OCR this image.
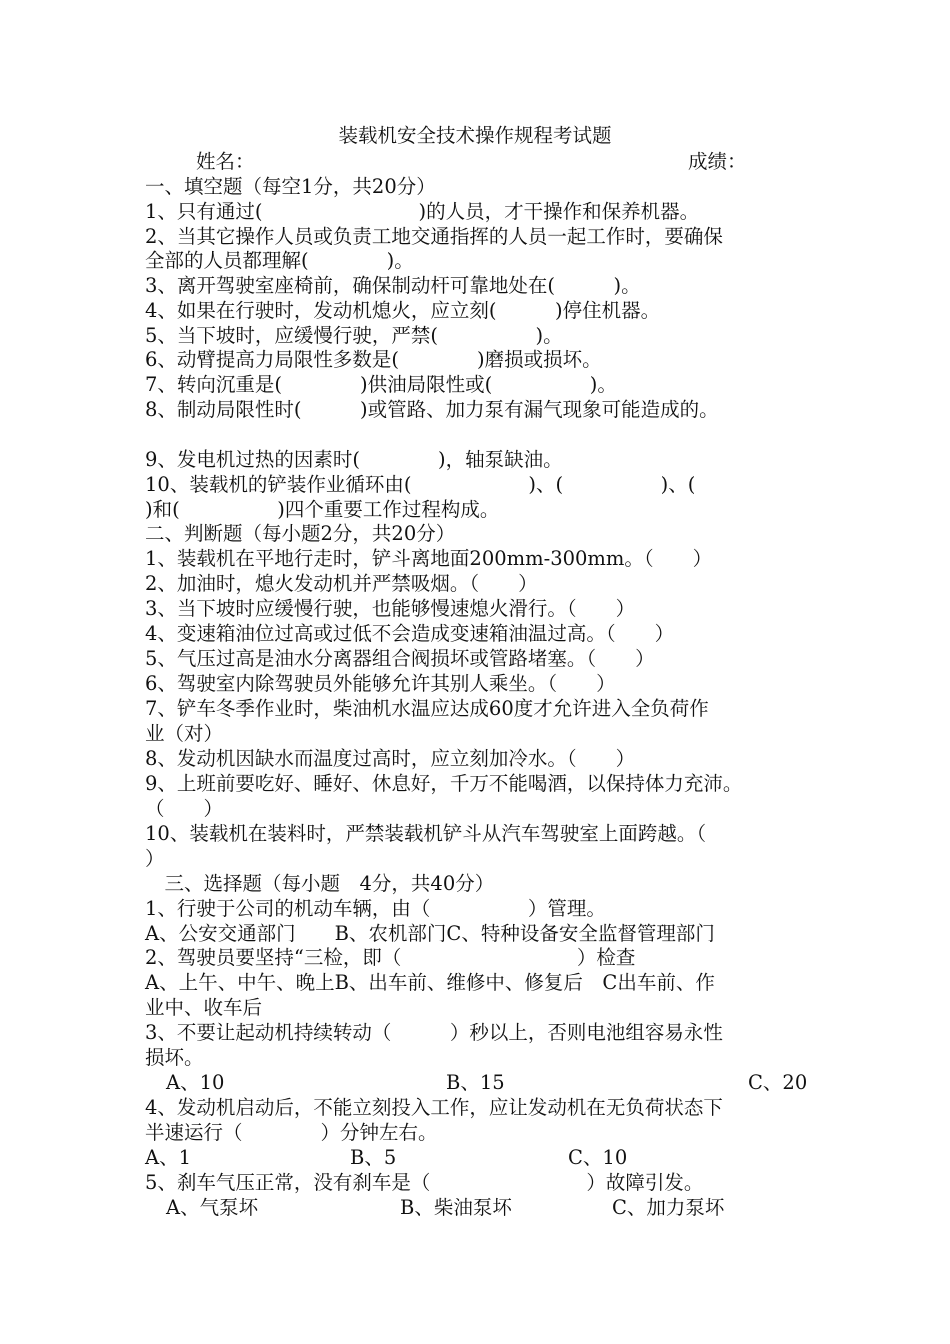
装载机安全技术操作规程考试题
姓名：	成绩：
一、填空题（每空1分，共20分）
1、只有通过(　　　　　　　　)的人员，才干操作和保养机器。
2、当其它操作人员或负责工地交通指挥的人员一起工作时，要确保
全部的人员都理解(　　　　)。
3、离开驾驶室座椅前，确保制动杆可靠地处在(　　　)。
4、如果在行驶时，发动机熄火，应立刻(　　　)停住机器。
5、当下坡时，应缓慢行驶，严禁(　　　　　)。
6、动臂提高力局限性多数是(　　　　)磨损或损坏。
7、转向沉重是(　　　　)供油局限性或(　　　　　)。
8、制动局限性时(　　　)或管路、加力泵有漏气现象可能造成的。
9、发电机过热的因素时(　　　　)，轴泵缺油。
10、装载机的铲装作业循环由(　　　　　　)、(　　　　　)、(
)和(　　　　　)四个重要工作过程构成。
二、判断题（每小题2分，共20分）
1、装载机在平地行走时，铲斗离地面200mm-300mm。（　　）
2、加油时，熄火发动机并严禁吸烟。（　　）
3、当下坡时应缓慢行驶，也能够慢速熄火滑行。（　　）
4、变速箱油位过高或过低不会造成变速箱油温过高。（　　）
5、气压过高是油水分离器组合阀损坏或管路堵塞。（　　）
6、驾驶室内除驾驶员外能够允许其别人乘坐。（　　）
7、铲车冬季作业时，柴油机水温应达成60度才允许进入全负荷作
业（对）
8、发动机因缺水而温度过高时，应立刻加冷水。（　　）
9、上班前要吃好、睡好、休息好，千万不能喝酒，以保持体力充沛。
（　　）
10、装载机在装料时，严禁装载机铲斗从汽车驾驶室上面跨越。（
）
　三、选择题（每小题　4分，共40分）
1、行驶于公司的机动车辆，由（　　　　　）管理。
A、公安交通部门　　B、农机部门C、特种设备安全监督管理部门
2、驾驶员要坚持“三检，即（　　　　　　　　　）检查
A、上午、中午、晚上B、出车前、维修中、修复后　C出车前、作
业中、收车后
3、不要让起动机持续转动（　　　）秒以上，否则电池组容易永性
损坏。
A、10	B、15	C、20
4、发动机启动后，不能立刻投入工作，应让发动机在无负荷状态下
半速运行（　　　　）分钟左右。
A、1	B、5	C、10
5、刹车气压正常，没有刹车是（　　　　　　　　）故障引发。
A、气泵坏	B、柴油泵坏	C、加力泵坏
